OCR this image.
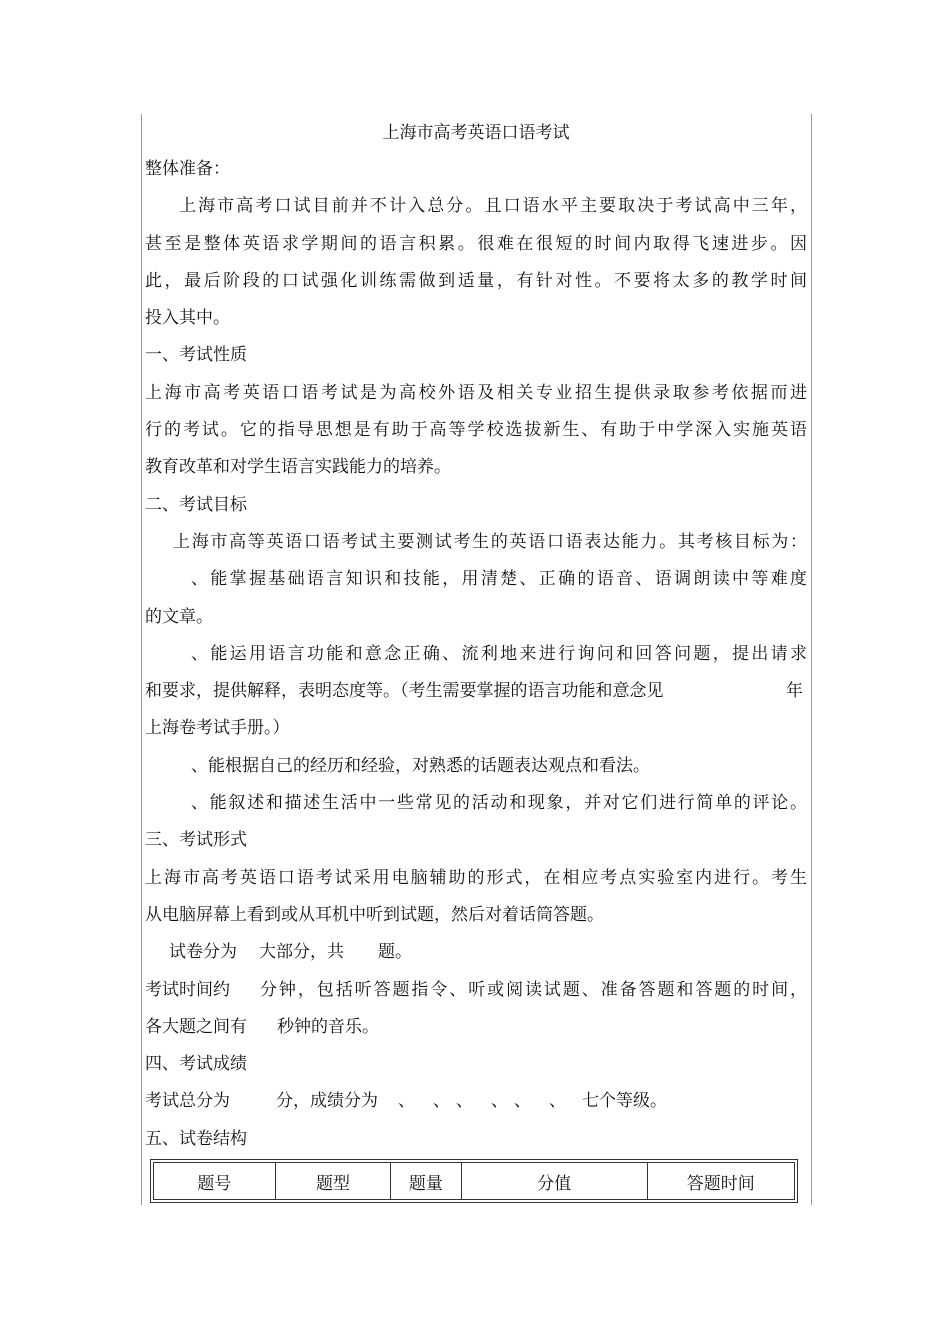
上海市高考英语口语考试
整体准备：
上海市高考口试目前并不计入总分。且口语水平主要取决于考试高中三年，
甚至是整体英语求学期间的语言积累。很难在很短的时间内取得飞速进步。因
此，最后阶段的口试强化训练需做到适量，有针对性。不要将太多的教学时间
投入其中。
一、考试性质
上海市高考英语口语考试是为高校外语及相关专业招生提供录取参考依据而进
行的考试。它的指导思想是有助于高等学校选拔新生、有助于中学深入实施英语
教育改革和对学生语言实践能力的培养。
二、考试目标
上海市高等英语口语考试主要测试考生的英语口语表达能力。其考核目标为：
、能掌握基础语言知识和技能，用清楚、正确的语音、语调朗读中等难度
的文章。
、能运用语言功能和意念正确、流利地来进行询问和回答问题，提出请求
和要求，提供解释，表明态度等。（考生需要掌握的语言功能和意念见	年
上海卷考试手册。）
、能根据自己的经历和经验，对熟悉的话题表达观点和看法。
、能叙述和描述生活中一些常见的活动和现象，并对它们进行简单的评论。
三、考试形式
上海市高考英语口语考试采用电脑辅助的形式，在相应考点实验室内进行。考生
从电脑屏幕上看到或从耳机中听到试题，然后对着话筒答题。
试卷分为 大部分，共 题。
考试时间约 分钟，包括听答题指令、听或阅读试题、准备答题和答题的时间，
各大题之间有 秒钟的音乐。
四、考试成绩
考试总分为	分，成绩分为 、 、 、 、 、 、 七个等级。
五、试卷结构
题号	题型	题量	分值	答题时间
